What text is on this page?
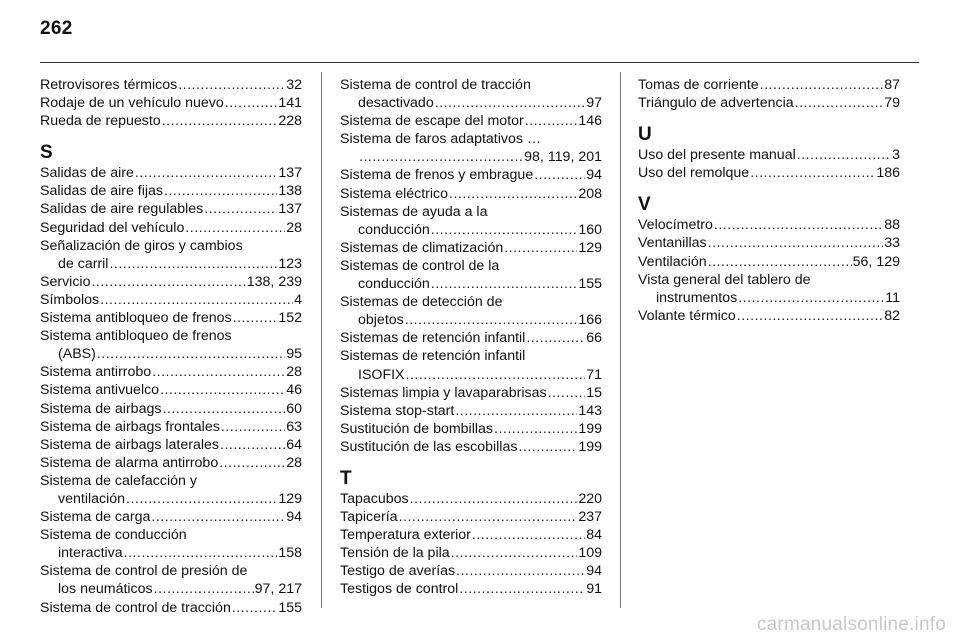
262
Retrovisores térmicos .....	32
Rodaje de un vehículo nuevo .....	141
Rueda de repuesto .....	228
S
Salidas de aire .....	137
Salidas de aire fijas .....	138
Salidas de aire regulables .....	137
Seguridad del vehículo .....	28
Señalización de giros y cambios
de carril .....	123
Servicio .....	138, 239
Símbolos .....	4
Sistema antibloqueo de frenos .....	152
Sistema antibloqueo de frenos
(ABS) .....	95
Sistema antirrobo .....	28
Sistema antivuelco .....	46
Sistema de airbags .....	60
Sistema de airbags frontales .....	63
Sistema de airbags laterales .....	64
Sistema de alarma antirrobo .....	28
Sistema de calefacción y
ventilación .....	129
Sistema de carga .....	94
Sistema de conducción
interactiva .....	158
Sistema de control de presión de
los neumáticos .....	97, 217
Sistema de control de tracción .....	155
Sistema de control de tracción
desactivado .....	97
Sistema de escape del motor .....	146
Sistema de faros adaptativos …
.....
98, 119, 201
Sistema de frenos y embrague .....	94
Sistema eléctrico .....	208
Sistemas de ayuda a la
conducción .....	160
Sistemas de climatización .....	129
Sistemas de control de la
conducción .....	155
Sistemas de detección de
objetos .....	166
Sistemas de retención infantil .....	66
Sistemas de retención infantil
ISOFIX .....	71
Sistemas limpia y lavaparabrisas .....	15
Sistema stop-start .....	143
Sustitución de bombillas .....	199
Sustitución de las escobillas .....	199
T
Tapacubos .....	220
Tapicería .....	237
Temperatura exterior .....	84
Tensión de la pila .....	109
Testigo de averías .....	94
Testigos de control .....	91
Tomas de corriente .....	87
Triángulo de advertencia .....	79
U
Uso del presente manual .....	3
Uso del remolque .....	186
V
Velocímetro .....	88
Ventanillas .....	33
Ventilación .....	56, 129
Vista general del tablero de
instrumentos .....	11
Volante térmico .....	82
carmanualsonline.info
